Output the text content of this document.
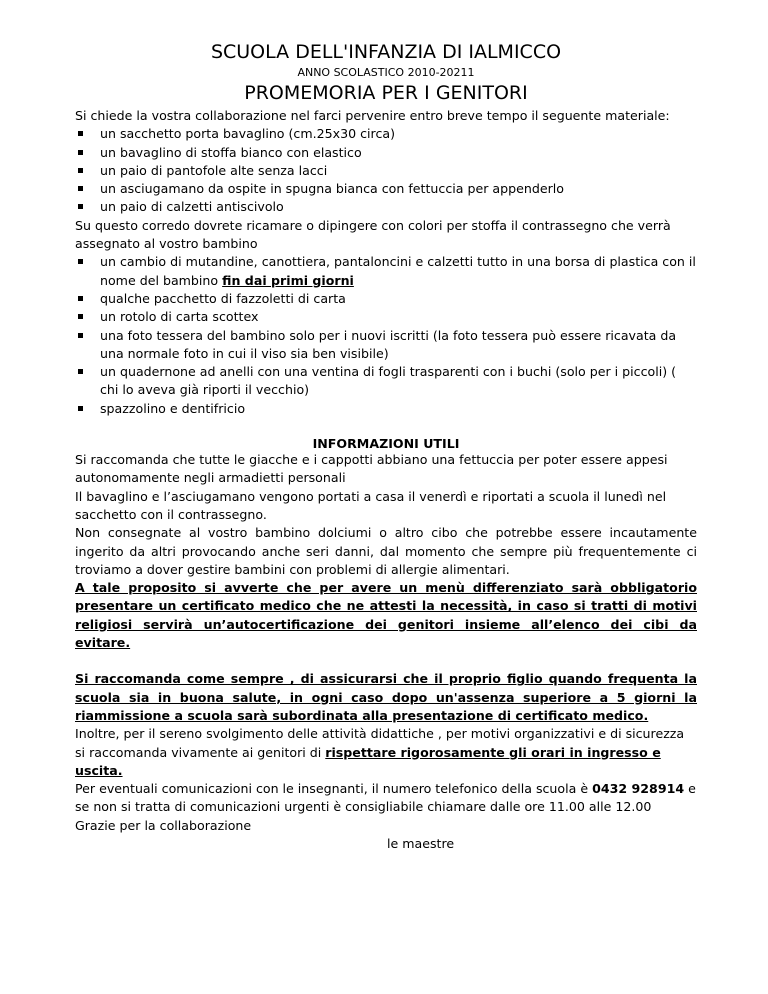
SCUOLA DELL'INFANZIA DI IALMICCO
ANNO SCOLASTICO 2010-20211
PROMEMORIA PER I GENITORI

Si chiede la vostra collaborazione nel farci pervenire entro breve tempo il seguente materiale:

un sacchetto porta bavaglino (cm.25x30 circa)
un bavaglino di stoffa bianco con elastico
un paio di pantofole alte senza lacci
un asciugamano da ospite in spugna bianca con fettuccia per appenderlo
un paio di calzetti antiscivolo

Su questo corredo dovrete ricamare o dipingere con colori per stoffa il contrassegno che verrà assegnato al vostro bambino

un cambio di mutandine, canottiera, pantaloncini e calzetti tutto in una borsa di plastica con il nome del bambino fin dai primi giorni
qualche pacchetto di fazzoletti di carta
un rotolo di carta scottex
una foto tessera del bambino solo per i nuovi iscritti (la foto tessera può essere ricavata da una normale foto in cui il viso sia ben visibile)
un quadernone ad anelli con una ventina di fogli trasparenti con i buchi (solo per i piccoli) ( chi lo aveva già riporti il vecchio)
spazzolino e dentifricio
INFORMAZIONI UTILI

Si raccomanda che tutte le giacche e i cappotti abbiano una fettuccia per poter essere appesi autonomamente negli armadietti personali

Il bavaglino e l’asciugamano vengono portati a casa il venerdì e riportati a scuola il lunedì nel sacchetto con il contrassegno.

Non consegnate al vostro bambino dolciumi o altro cibo che potrebbe essere incautamente ingerito da altri provocando anche seri danni, dal momento che sempre più frequentemente ci troviamo a dover gestire bambini con problemi di allergie alimentari.

A tale proposito si avverte che per avere un menù differenziato sarà obbligatorio presentare un certificato medico che ne attesti la necessità, in caso si tratti di motivi religiosi servirà un’autocertificazione dei genitori insieme all’elenco dei cibi da evitare.

Si raccomanda come sempre , di assicurarsi che il proprio figlio quando frequenta la scuola sia in buona salute, in ogni caso dopo un'assenza superiore a 5 giorni la riammissione a scuola sarà subordinata alla presentazione di certificato medico.

Inoltre, per il sereno svolgimento delle attività didattiche , per motivi organizzativi e di sicurezza si raccomanda vivamente ai genitori di rispettare rigorosamente gli orari in ingresso e uscita.

Per eventuali comunicazioni con le insegnanti, il numero telefonico della scuola è 0432 928914 e se non si tratta di comunicazioni urgenti è consigliabile chiamare dalle ore 11.00 alle 12.00

Grazie per la collaborazione

le maestre
